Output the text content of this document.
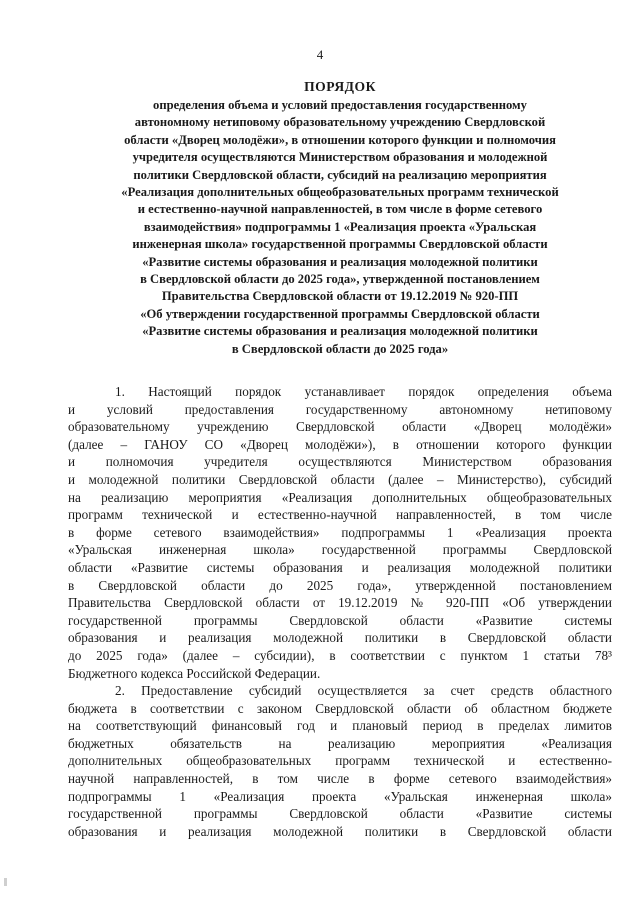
4
ПОРЯДОК
определения объема и условий предоставления государственному
автономному нетиповому образовательному учреждению Свердловской
области «Дворец молодёжи», в отношении которого функции и полномочия
учредителя осуществляются Министерством образования и молодежной
политики Свердловской области, субсидий на реализацию мероприятия
«Реализация дополнительных общеобразовательных программ технической
и естественно-научной направленностей, в том числе в форме сетевого
взаимодействия» подпрограммы 1 «Реализация проекта «Уральская
инженерная школа» государственной программы Свердловской области
«Развитие системы образования и реализация молодежной политики
в Свердловской области до 2025 года», утвержденной постановлением
Правительства Свердловской области от 19.12.2019 № 920-ПП
«Об утверждении государственной программы Свердловской области
«Развитие системы образования и реализация молодежной политики
в Свердловской области до 2025 года»
1. Настоящий порядок устанавливает порядок определения объема
и условий предоставления государственному автономному нетиповому
образовательному учреждению Свердловской области «Дворец молодёжи»
(далее – ГАНОУ СО «Дворец молодёжи»), в отношении которого функции
и полномочия учредителя осуществляются Министерством образования
и молодежной политики Свердловской области (далее – Министерство), субсидий
на реализацию мероприятия «Реализация дополнительных общеобразовательных
программ технической и естественно-научной направленностей, в том числе
в форме сетевого взаимодействия» подпрограммы 1 «Реализация проекта
«Уральская инженерная школа» государственной программы Свердловской
области «Развитие системы образования и реализация молодежной политики
в Свердловской области до 2025 года», утвержденной постановлением
Правительства Свердловской области от 19.12.2019 № 920-ПП «Об утверждении
государственной программы Свердловской области «Развитие системы
образования и реализация молодежной политики в Свердловской области
до 2025 года» (далее – субсидии), в соответствии с пунктом 1 статьи 78³
Бюджетного кодекса Российской Федерации.
2. Предоставление субсидий осуществляется за счет средств областного
бюджета в соответствии с законом Свердловской области об областном бюджете
на соответствующий финансовый год и плановый период в пределах лимитов
бюджетных обязательств на реализацию мероприятия «Реализация
дополнительных общеобразовательных программ технической и естественно-
научной направленностей, в том числе в форме сетевого взаимодействия»
подпрограммы 1 «Реализация проекта «Уральская инженерная школа»
государственной программы Свердловской области «Развитие системы
образования и реализация молодежной политики в Свердловской области
